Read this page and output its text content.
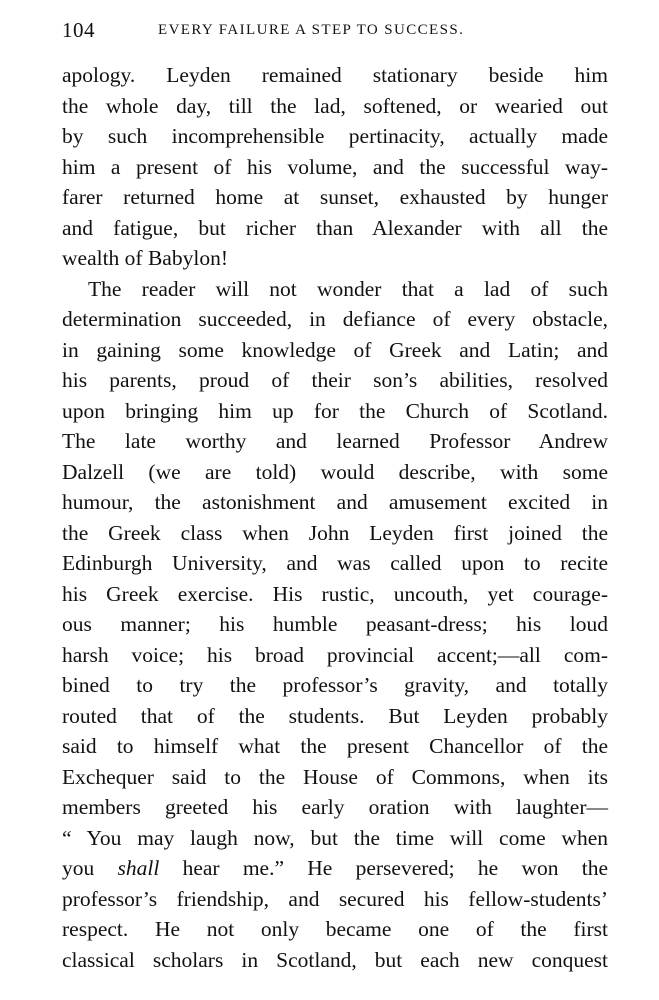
104	EVERY FAILURE A STEP TO SUCCESS.
apology. Leyden remained stationary beside him
the whole day, till the lad, softened, or wearied out
by such incomprehensible pertinacity, actually made
him a present of his volume, and the successful way-
farer returned home at sunset, exhausted by hunger
and fatigue, but richer than Alexander with all the
wealth of Babylon!
The reader will not wonder that a lad of such
determination succeeded, in defiance of every obstacle,
in gaining some knowledge of Greek and Latin; and
his parents, proud of their son’s abilities, resolved
upon bringing him up for the Church of Scotland.
The late worthy and learned Professor Andrew
Dalzell (we are told) would describe, with some
humour, the astonishment and amusement excited in
the Greek class when John Leyden first joined the
Edinburgh University, and was called upon to recite
his Greek exercise. His rustic, uncouth, yet courage-
ous manner; his humble peasant-dress; his loud
harsh voice; his broad provincial accent;—all com-
bined to try the professor’s gravity, and totally
routed that of the students. But Leyden probably
said to himself what the present Chancellor of the
Exchequer said to the House of Commons, when its
members greeted his early oration with laughter—
“ You may laugh now, but the time will come when
you shall hear me.” He persevered; he won the
professor’s friendship, and secured his fellow-students’
respect. He not only became one of the first
classical scholars in Scotland, but each new conquest
